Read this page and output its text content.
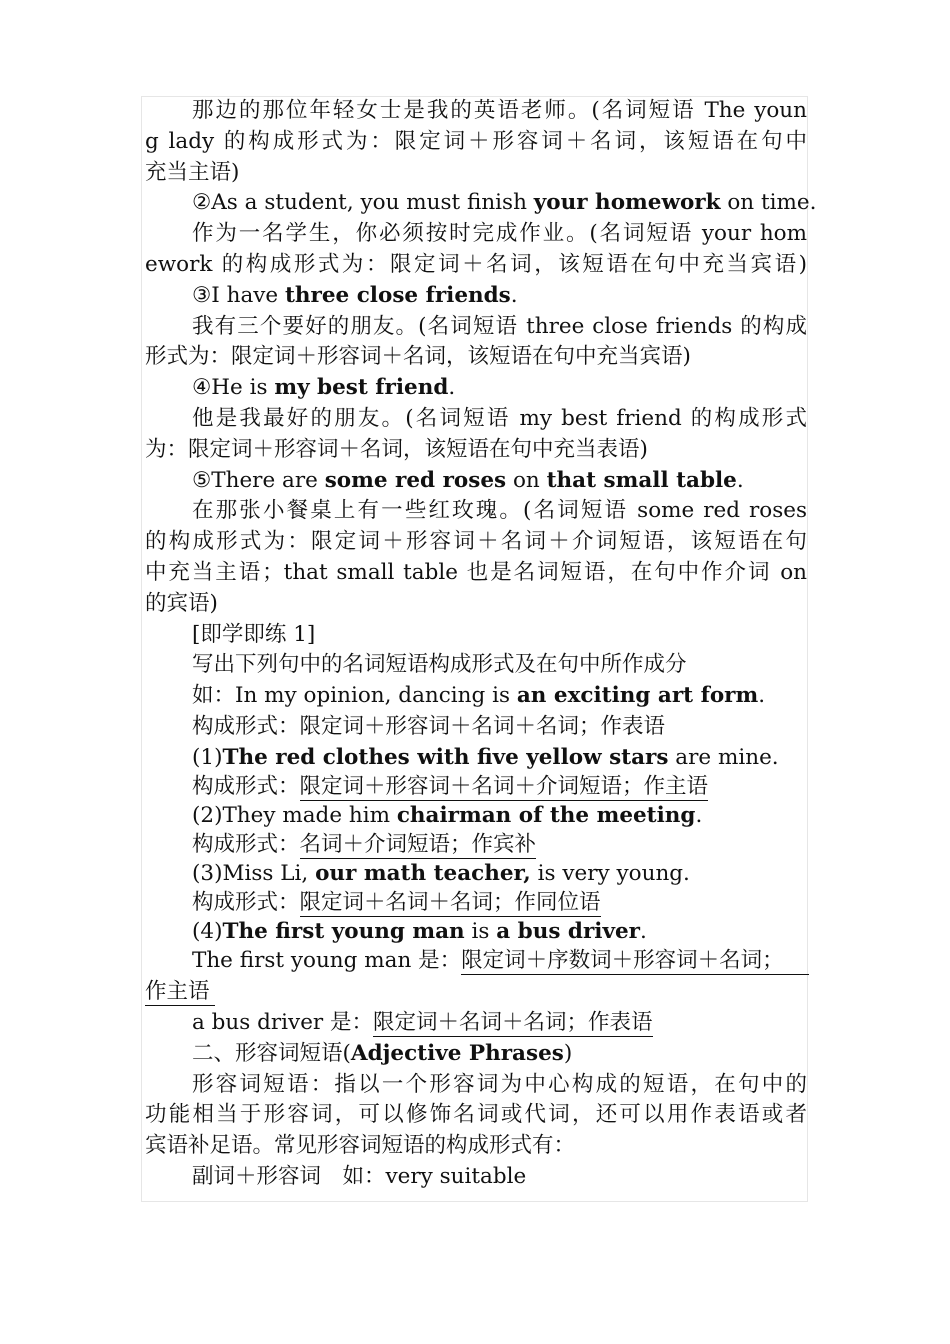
那边的那位年轻女士是我的英语老师。(名词短语 The youn
g lady 的构成形式为：限定词＋形容词＋名词，该短语在句中
充当主语)
②As a student, you must finish your homework on time.
作为一名学生，你必须按时完成作业。(名词短语 your hom
ework 的构成形式为：限定词＋名词，该短语在句中充当宾语)
③I have three close friends.
我有三个要好的朋友。(名词短语 three close friends 的构成
形式为：限定词＋形容词＋名词，该短语在句中充当宾语)
④He is my best friend.
他是我最好的朋友。(名词短语 my best friend 的构成形式
为：限定词＋形容词＋名词，该短语在句中充当表语)
⑤There are some red roses on that small table.
在那张小餐桌上有一些红玫瑰。(名词短语 some red roses
的构成形式为：限定词＋形容词＋名词＋介词短语，该短语在句
中充当主语；that small table 也是名词短语，在句中作介词 on
的宾语)
[即学即练 1]
写出下列句中的名词短语构成形式及在句中所作成分
如：In my opinion, dancing is an exciting art form.
构成形式：限定词＋形容词＋名词＋名词；作表语
(1)The red clothes with five yellow stars are mine.
构成形式：限定词＋形容词＋名词＋介词短语；作主语
(2)They made him chairman of the meeting.
构成形式：名词＋介词短语；作宾补
(3)Miss Li, our math teacher, is very young.
构成形式：限定词＋名词＋名词；作同位语
(4)The first young man is a bus driver.
The first young man 是：限定词＋序数词＋形容词＋名词；
作主语
a bus driver 是：限定词＋名词＋名词；作表语
二、形容词短语(Adjective Phrases)
形容词短语：指以一个形容词为中心构成的短语，在句中的
功能相当于形容词，可以修饰名词或代词，还可以用作表语或者
宾语补足语。常见形容词短语的构成形式有：
副词＋形容词　如：very suitable
